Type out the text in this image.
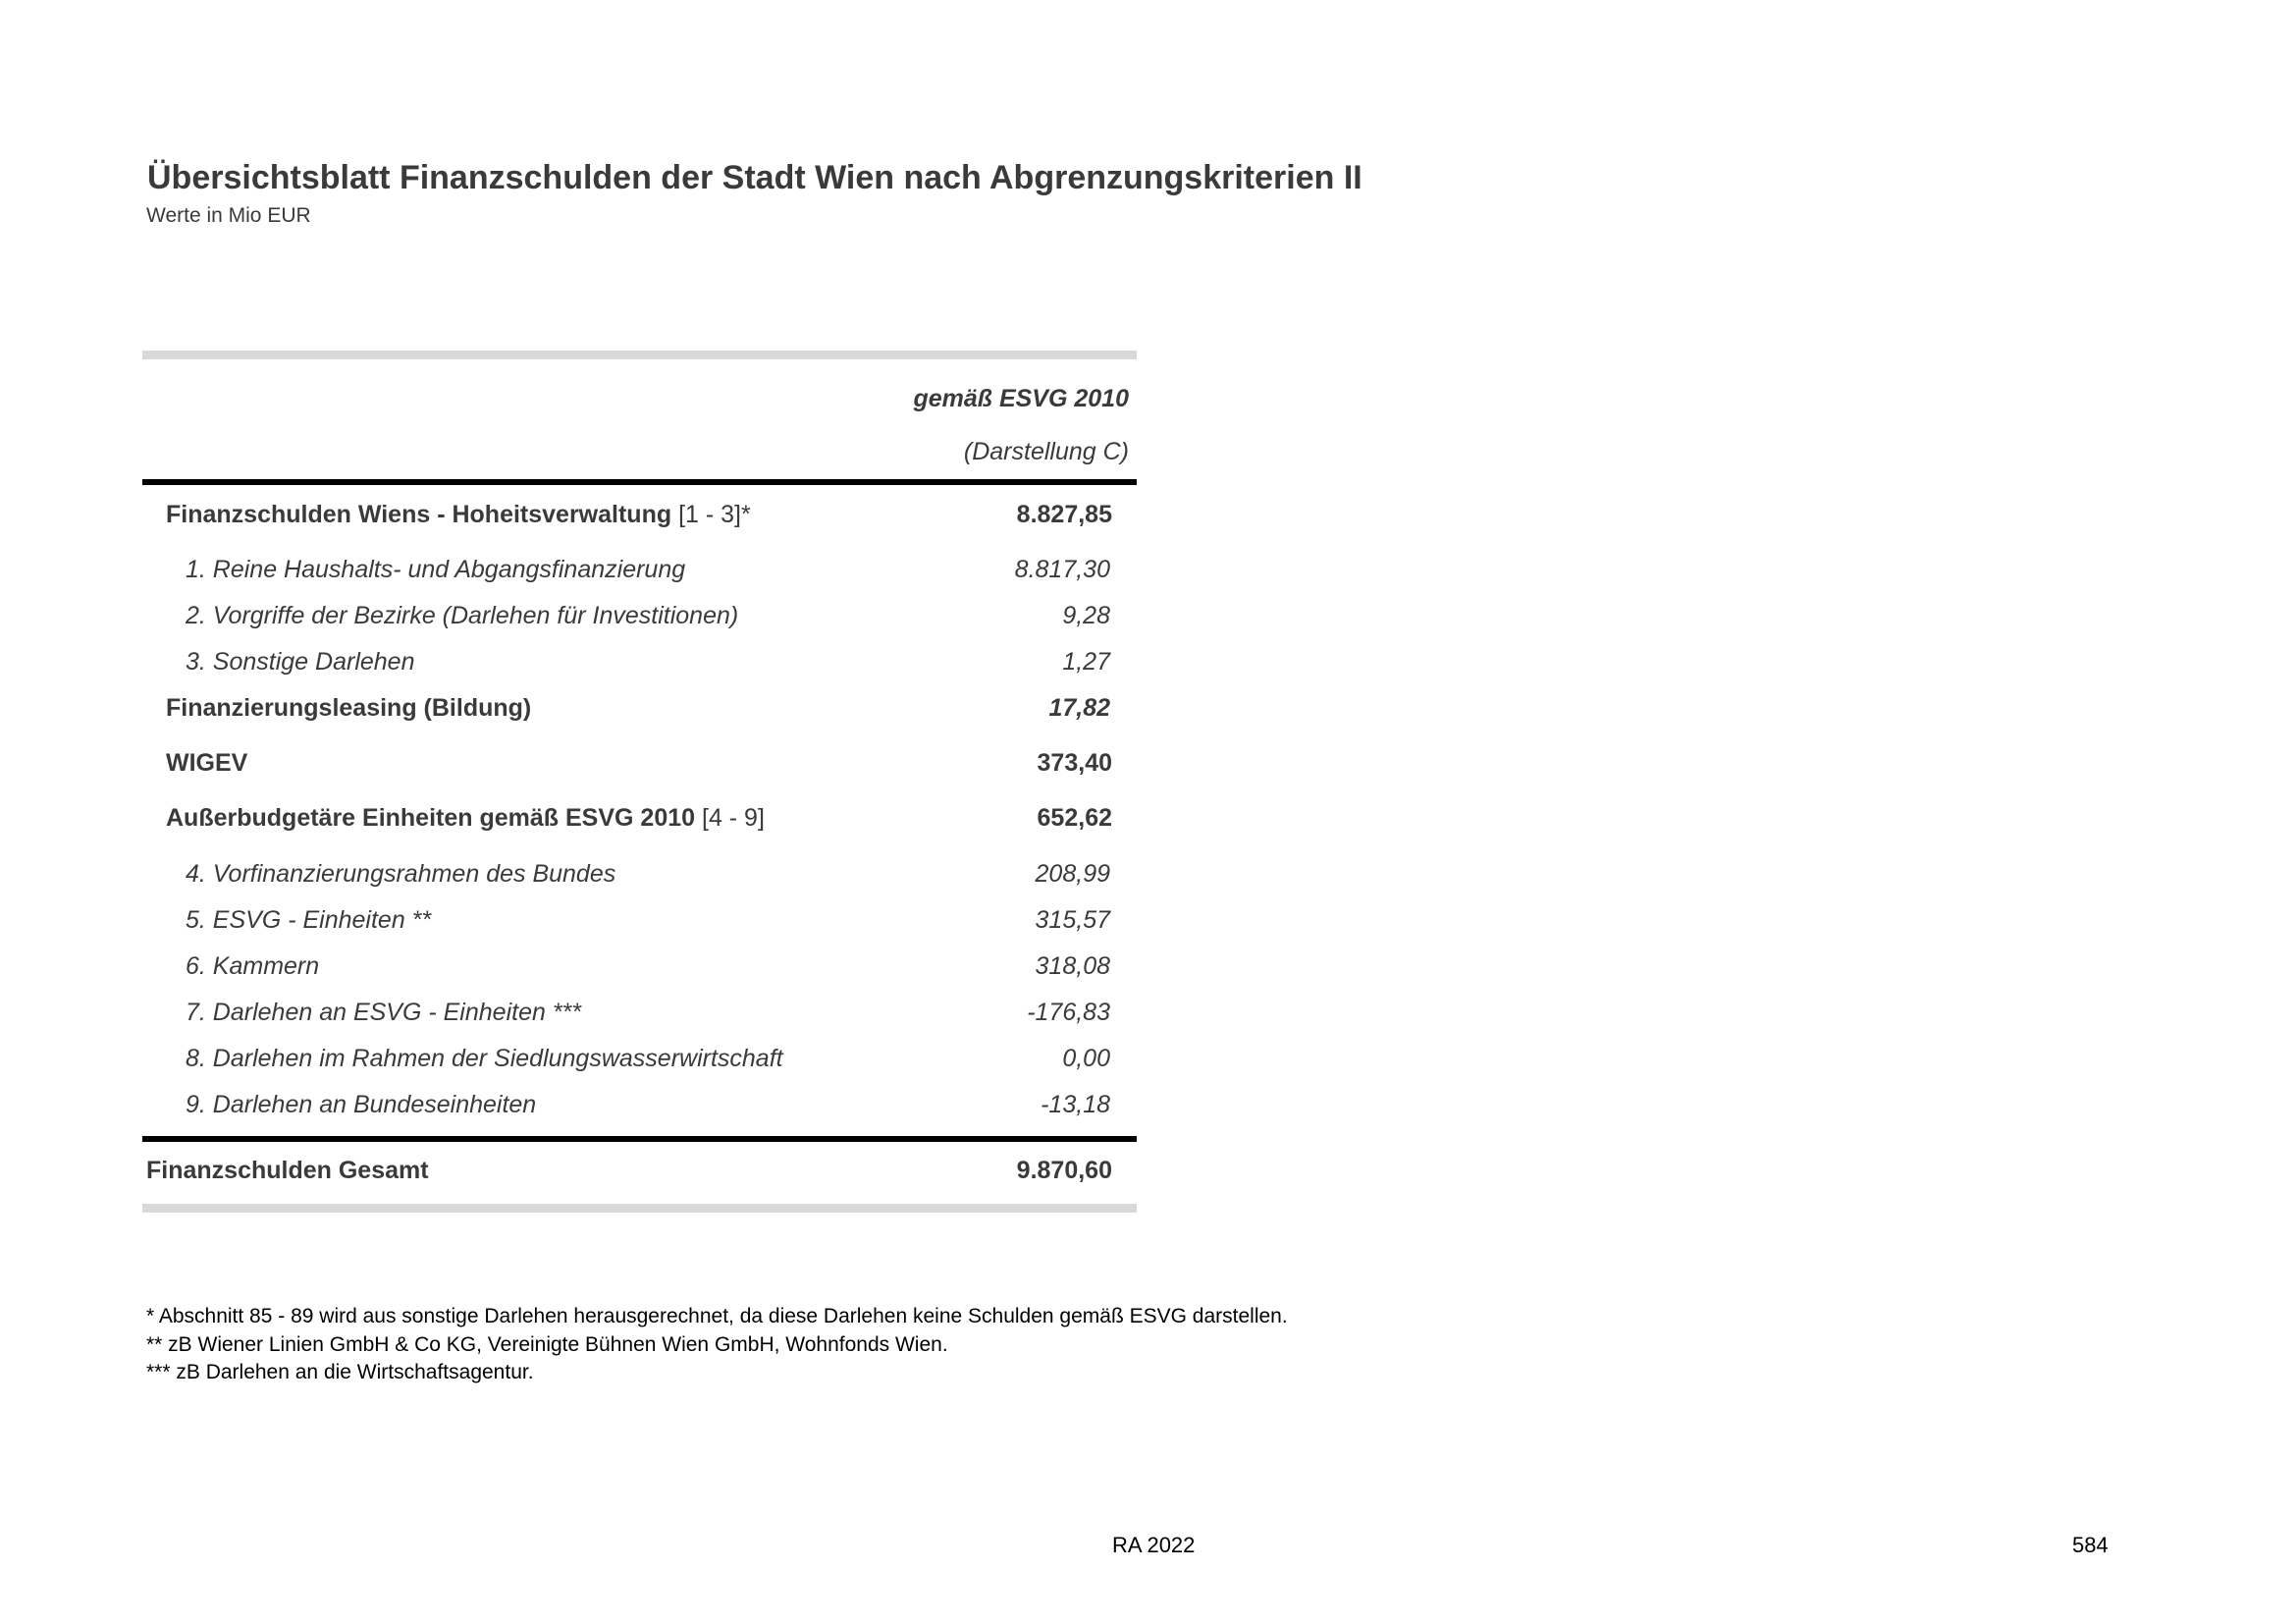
Übersichtsblatt Finanzschulden der Stadt Wien nach Abgrenzungskriterien II
Werte in Mio EUR
gemäß ESVG 2010
(Darstellung C)
Finanzschulden Wiens - Hoheitsverwaltung [1 - 3]*	8.827,85
1. Reine Haushalts- und Abgangsfinanzierung	8.817,30
2. Vorgriffe der Bezirke (Darlehen für Investitionen)	9,28
3. Sonstige Darlehen	1,27
Finanzierungsleasing (Bildung)	17,82
WIGEV	373,40
Außerbudgetäre Einheiten gemäß ESVG 2010 [4 - 9]	652,62
4. Vorfinanzierungsrahmen des Bundes	208,99
5. ESVG - Einheiten **	315,57
6. Kammern	318,08
7. Darlehen an ESVG - Einheiten ***	-176,83
8. Darlehen im Rahmen der Siedlungswasserwirtschaft	0,00
9. Darlehen an Bundeseinheiten	-13,18
Finanzschulden Gesamt	9.870,60
* Abschnitt 85 - 89 wird aus sonstige Darlehen herausgerechnet, da diese Darlehen keine Schulden gemäß ESVG darstellen.
** zB Wiener Linien GmbH & Co KG, Vereinigte Bühnen Wien GmbH, Wohnfonds Wien.
*** zB Darlehen an die Wirtschaftsagentur.
RA 2022	584
